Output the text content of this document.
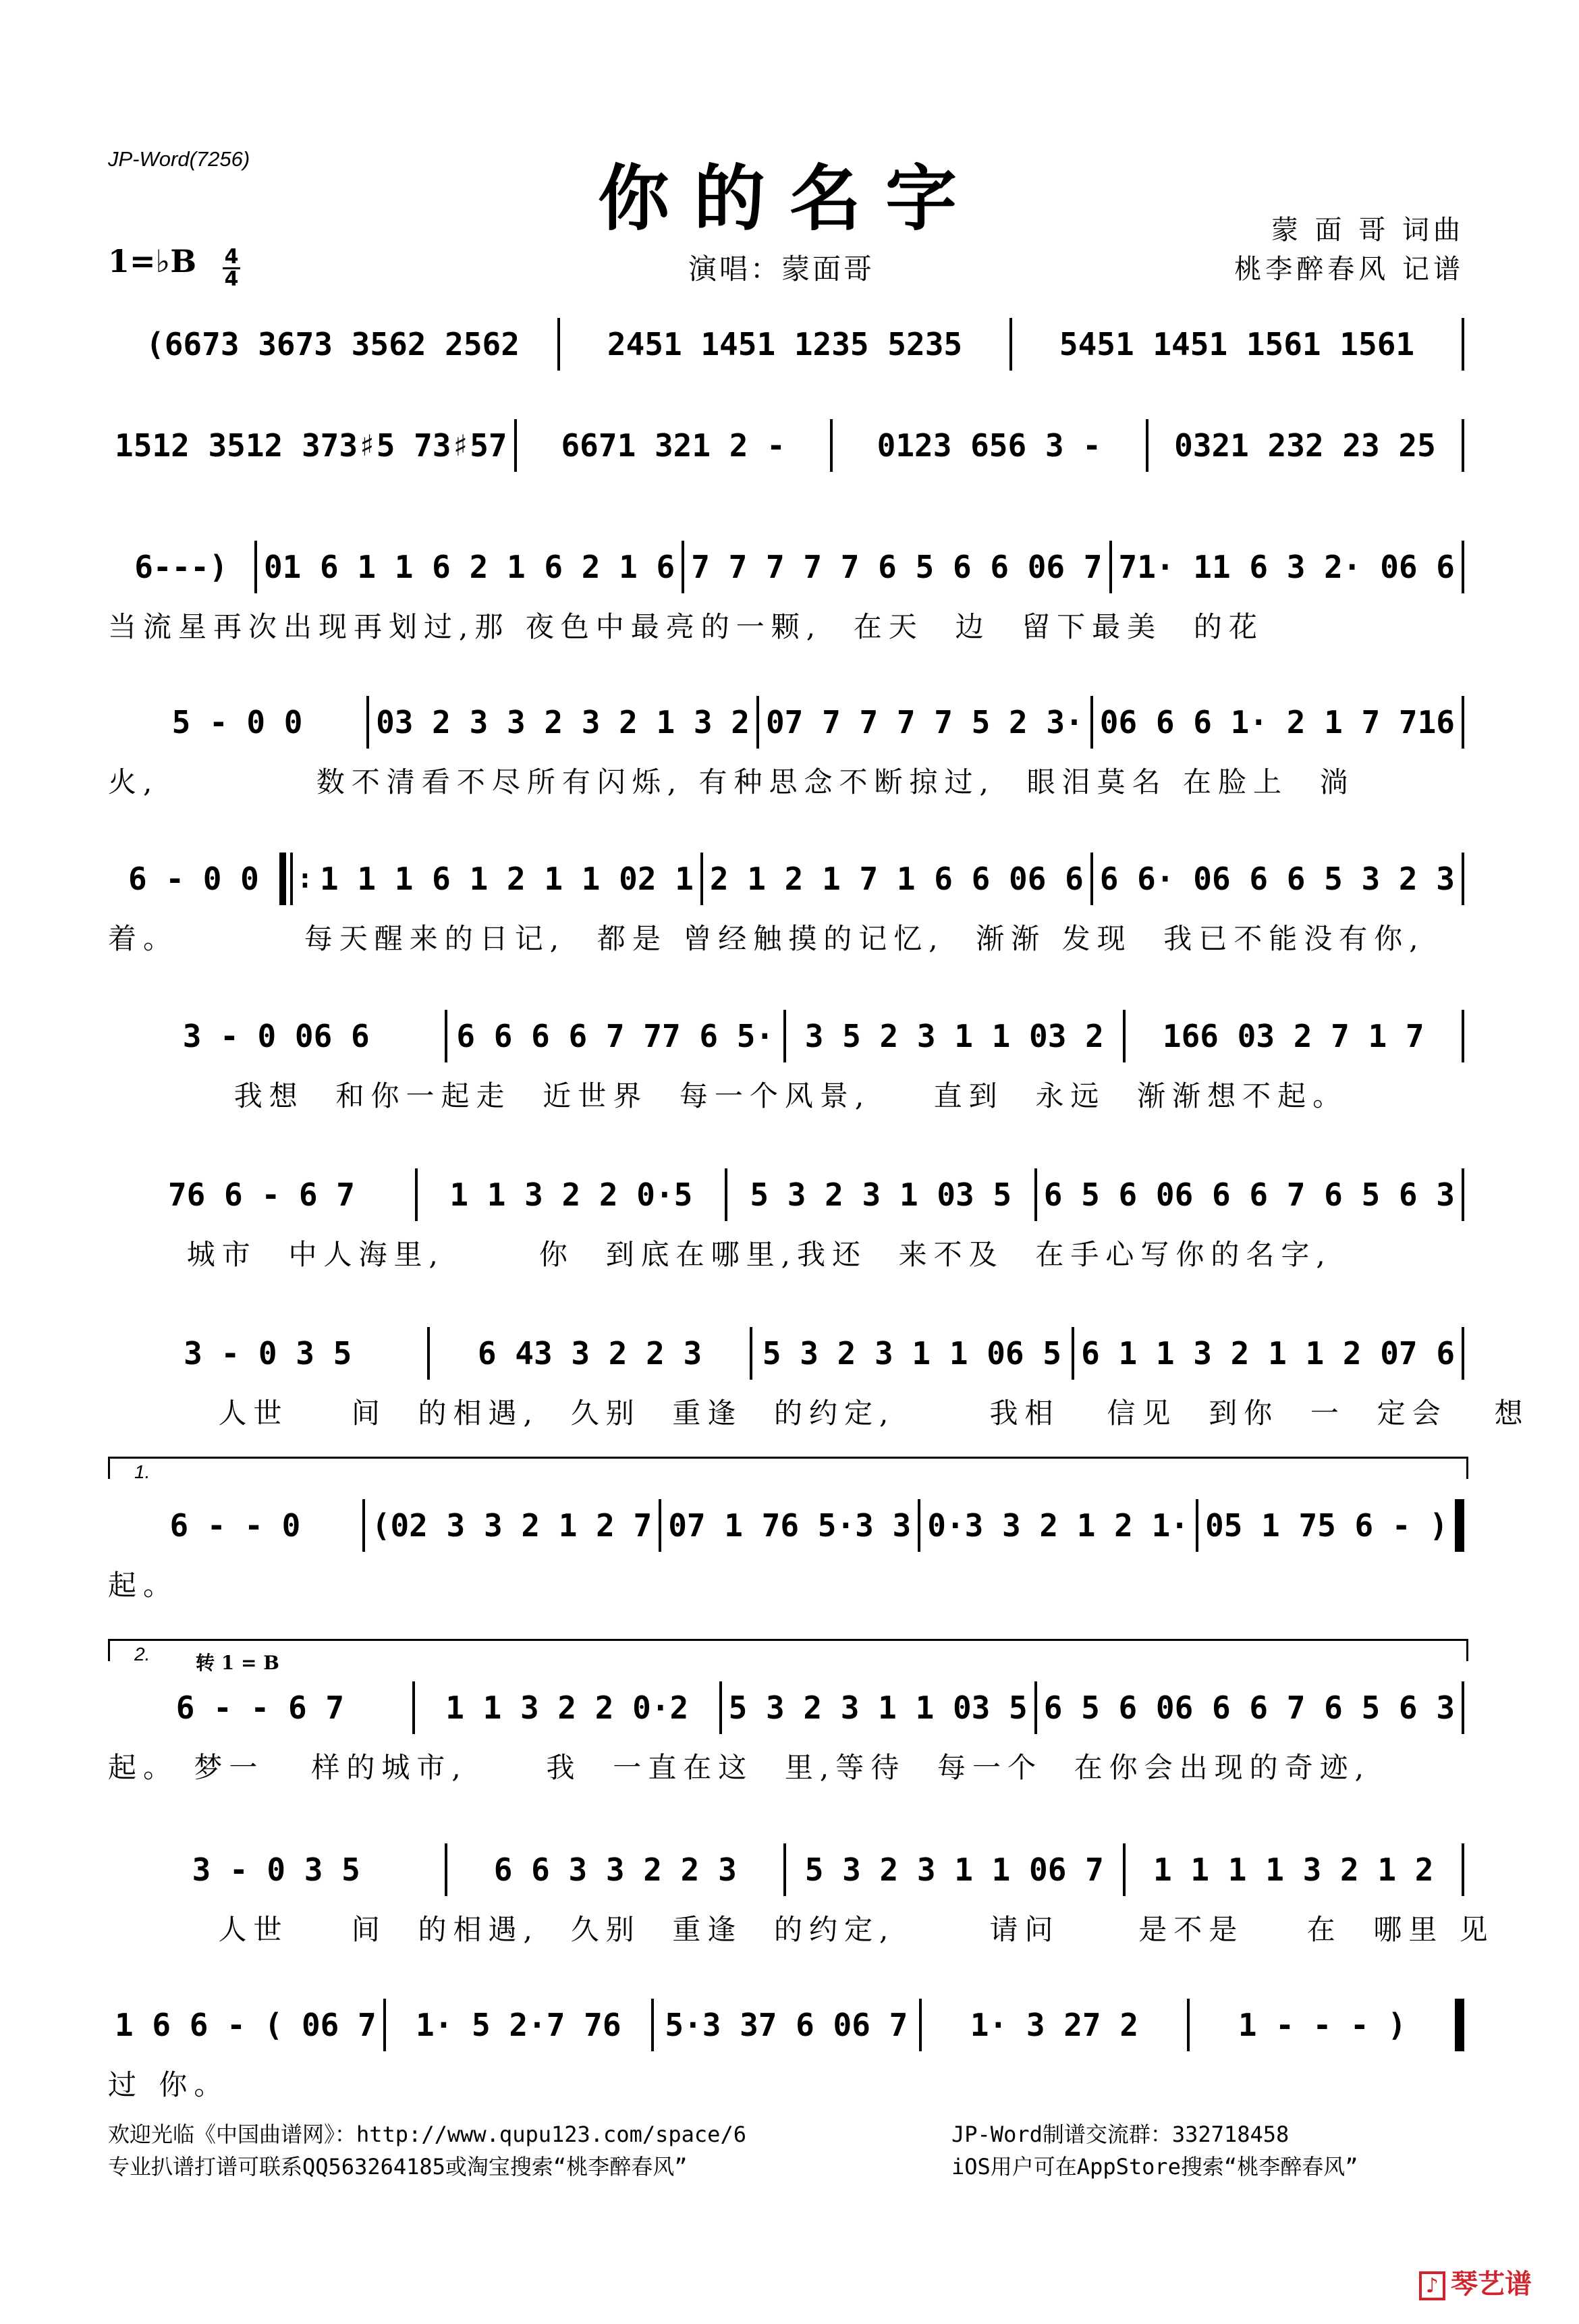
JP-Word(7256)	你的名字	蒙 面 哥 词曲
桃李醉春风 记谱
1=♭B 4
4	演唱：蒙面哥
(6673 3673 3562 2562	2451 1451 1235 5235	5451 1451 1561 1561
1512 3512 373♯5 73♯57	6671 321 2 -	0123 656 3 -	0321 232 23 25
6---)	01 6 1 1 6 2 1 6 2 1 6 7 7 7 7 7 6 5 6 6 06 7 71· 11 6 3 2· 06 6
当流星再次出现再划过,那 夜色中最亮的一颗,  在天  边  留下最美  的花
5 - 0 0	03 2 3 3 2 3 2 1 3 2 07 7 7 7 7 5 2 3· 06 6 6 1· 2 1 7 716
火,          数不清看不尽所有闪烁, 有种思念不断掠过,  眼泪莫名 在脸上  淌
6 - 0 0	: 1 1 1 6 1 2 1 1 02 1 2 1 2 1 7 1 6 6 06 6 6 6· 06 6 6 5 3 2 3
着。        每天醒来的日记,  都是 曾经触摸的记忆,  渐渐 发现  我已不能没有你,
3 - 0 06 6	6 6 6 6 7 77 6 5· 3 5 2 3 1 1 03 2	166 03 2 7 1 7
我想  和你一起走  近世界  每一个风景,    直到  永远  渐渐想不起。
76 6 - 6 7	1 1 3 2 2 0·5	5 3 2 3 1 03 5	6 5 6 06 6 6 7 6 5 6 3
城市  中人海里,      你  到底在哪里,我还  来不及  在手心写你的名字,
3 - 0 3 5	6 43 3 2 2 3	5 3 2 3 1 1 06 5 6 1 1 3 2 1 1 2 07 6
人世    间  的相遇,  久别  重逢  的约定,      我相   信见  到你  一  定会   想
6 - - 0	(02 3 3 2 1 2 7 07 1 76 5·3 3 0·3 3 2 1 2 1· 05 1 75 6 - )
起。
6 - - 6 7	1 1 3 2 2 0·2	5 3 2 3 1 1 03 5 6 5 6 06 6 6 7 6 5 6 3
起。 梦一   样的城市,     我  一直在这  里,等待  每一个  在你会出现的奇迹,
3 - 0 3 5	6 6 3 3 2 2 3	5 3 2 3 1 1 06 7	1 1 1 1 3 2 1 2
人世    间  的相遇,  久别  重逢  的约定,      请问     是不是    在  哪里 见
1 6 6 - ( 06 7	1· 5 2·7 76	5·3 37 6 06 7	1· 3 27 2	1 - - - )
过 你。
1.
2. 转 1 = B
欢迎光临《中国曲谱网》：http://www.qupu123.com/space/6
专业扒谱打谱可联系QQ563264185或淘宝搜索“桃李醉春风”
JP-Word制谱交流群：332718458
iOS用户可在AppStore搜索“桃李醉春风”
♪ 琴艺谱
